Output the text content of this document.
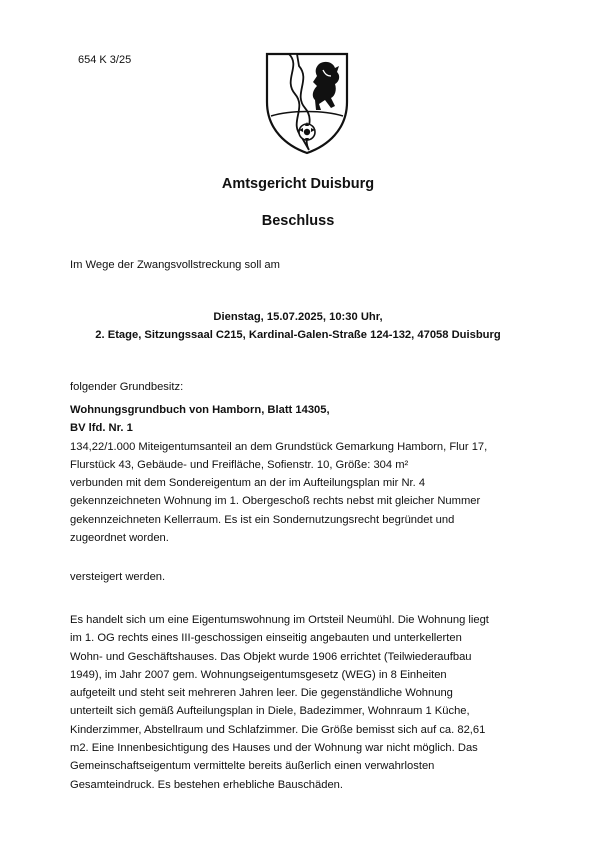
654 K 3/25
Amtsgericht Duisburg
Beschluss
Im Wege der Zwangsvollstreckung soll am
Dienstag, 15.07.2025, 10:30 Uhr,
2. Etage, Sitzungssaal C215, Kardinal-Galen-Straße 124-132, 47058 Duisburg
folgender Grundbesitz:
Wohnungsgrundbuch von Hamborn, Blatt 14305,
BV lfd. Nr. 1
134,22/1.000 Miteigentumsanteil an dem Grundstück Gemarkung Hamborn, Flur 17,
Flurstück 43, Gebäude- und Freifläche, Sofienstr. 10, Größe: 304 m²
verbunden mit dem Sondereigentum an der im Aufteilungsplan mir Nr. 4
gekennzeichneten Wohnung im 1. Obergeschoß rechts nebst mit gleicher Nummer
gekennzeichneten Kellerraum. Es ist ein Sondernutzungsrecht begründet und
zugeordnet worden.
versteigert werden.
Es handelt sich um eine Eigentumswohnung im Ortsteil Neumühl. Die Wohnung liegt
im 1. OG rechts eines III-geschossigen einseitig angebauten und unterkellerten
Wohn- und Geschäftshauses. Das Objekt wurde 1906 errichtet (Teilwiederaufbau
1949), im Jahr 2007 gem. Wohnungseigentumsgesetz (WEG) in 8 Einheiten
aufgeteilt und steht seit mehreren Jahren leer. Die gegenständliche Wohnung
unterteilt sich gemäß Aufteilungsplan in Diele, Badezimmer, Wohnraum 1 Küche,
Kinderzimmer, Abstellraum und Schlafzimmer. Die Größe bemisst sich auf ca. 82,61
m2. Eine Innenbesichtigung des Hauses und der Wohnung war nicht möglich. Das
Gemeinschaftseigentum vermittelte bereits äußerlich einen verwahrlosten
Gesamteindruck. Es bestehen erhebliche Bauschäden.
